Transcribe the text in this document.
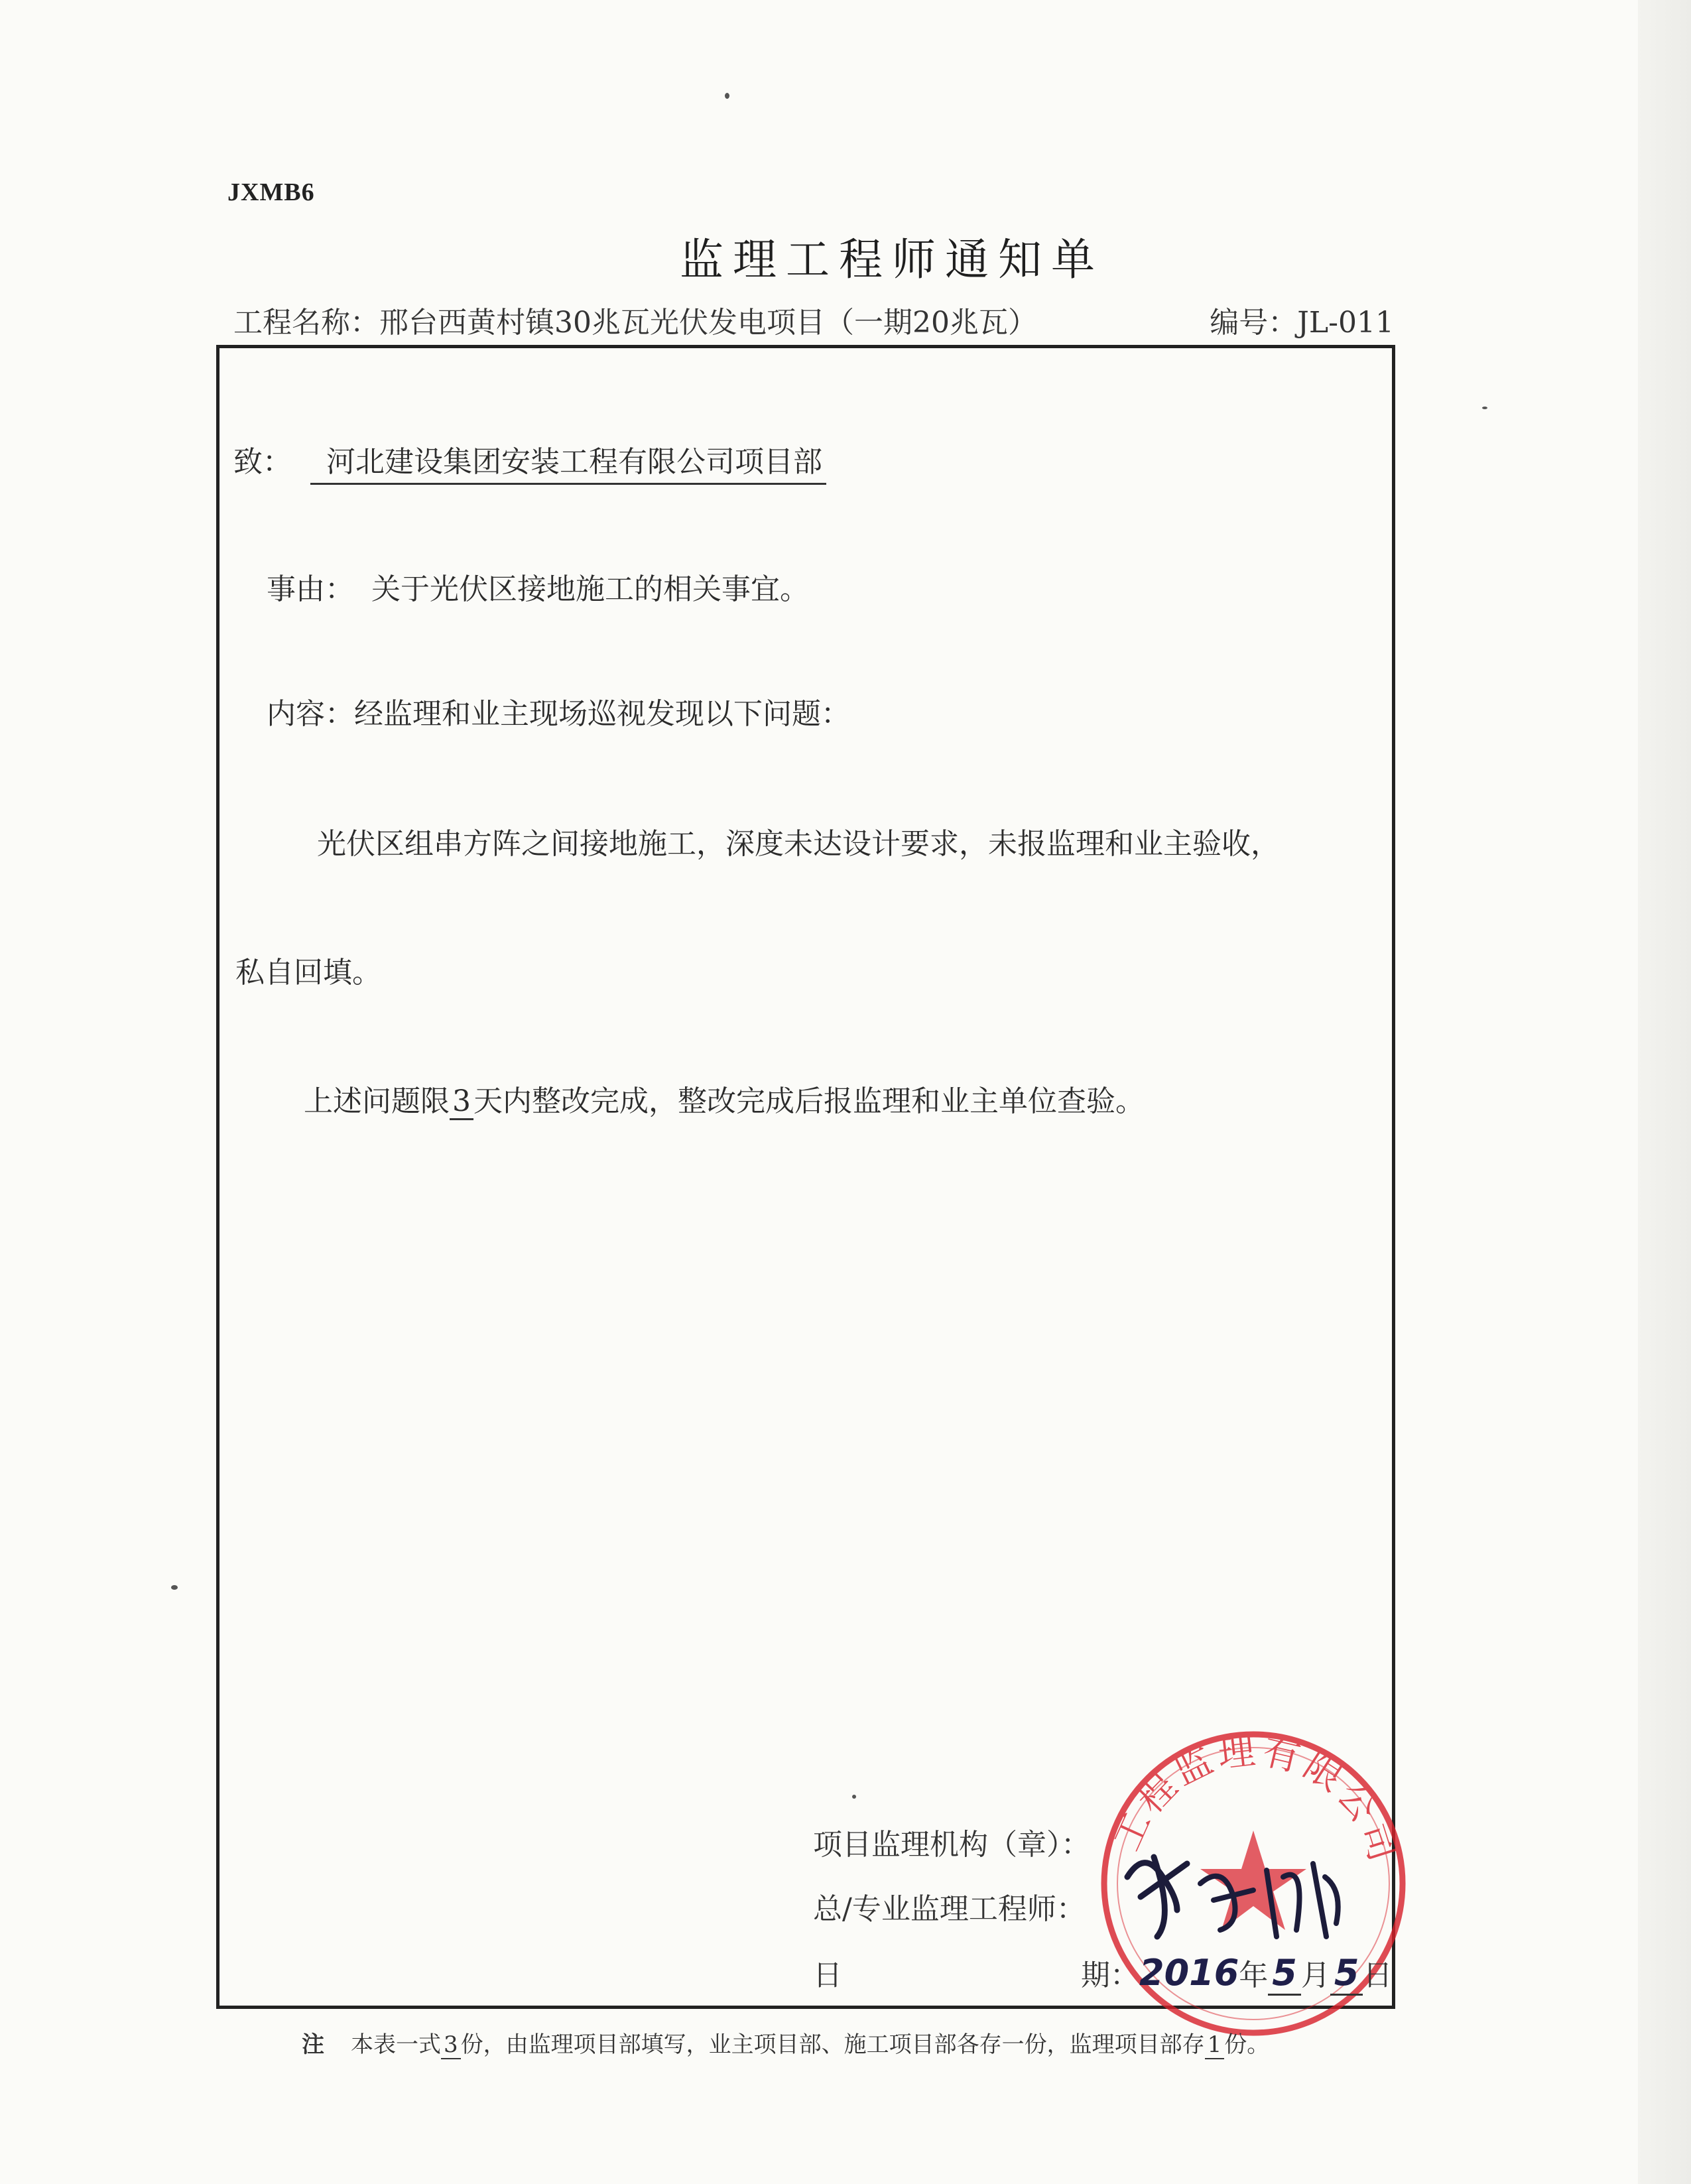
JXMB6
监理工程师通知单
工程名称：邢台西黄村镇30兆瓦光伏发电项目（一期20兆瓦）	编号：JL-011
致： 河北建设集团安装工程有限公司项目部
事由： 关于光伏区接地施工的相关事宜。
内容：经监理和业主现场巡视发现以下问题：
光伏区组串方阵之间接地施工，深度未达设计要求，未报监理和业主验收，
私自回填。
上述问题限3天内整改完成，整改完成后报监理和业主单位查验。
工程监理有限公司
项目监理机构（章）：
总/专业监理工程师：
日	期：2016年 5 月 5 日
注 本表一式 3 份，由监理项目部填写，业主项目部、施工项目部各存一份，监理项目部存 1 份。
